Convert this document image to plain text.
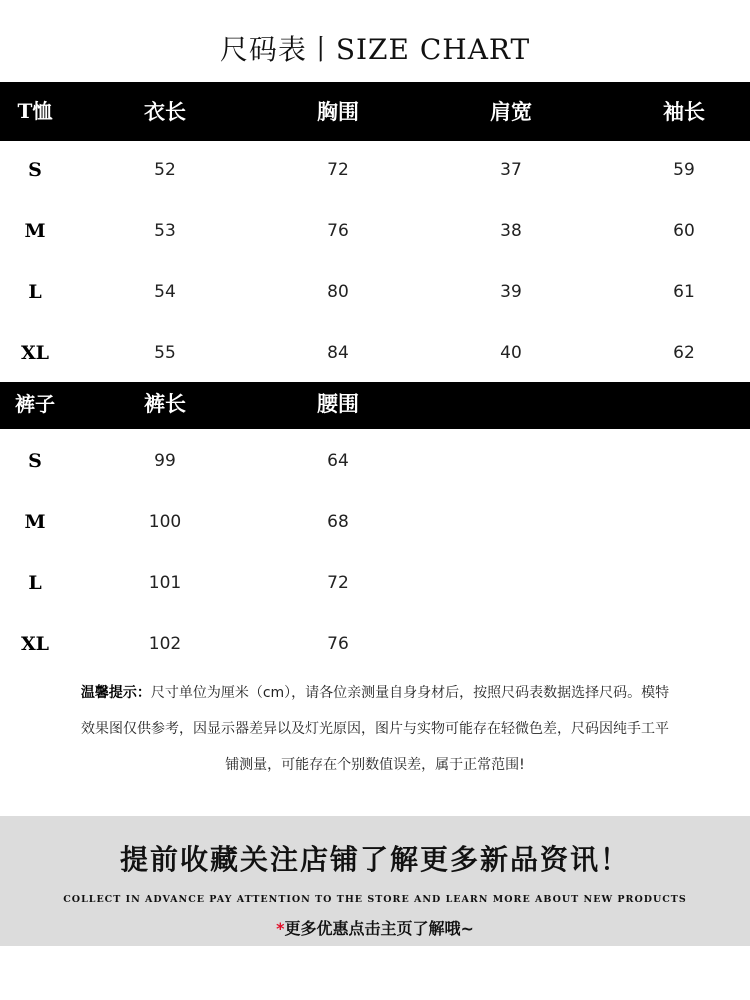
尺码表丨SIZE CHART
T恤	衣长	胸围	肩宽	袖长
S	52	72	37	59
M	53	76	38	60
L	54	80	39	61
XL	55	84	40	62
裤子	裤长	腰围
S	99	64
M	100	68
L	101	72
XL	102	76
温馨提示：尺寸单位为厘米（cm），请各位亲测量自身身材后，按照尺码表数据选择尺码。模特
效果图仅供参考，因显示器差异以及灯光原因，图片与实物可能存在轻微色差，尺码因纯手工平
铺测量，可能存在个别数值误差，属于正常范围!
提前收藏关注店铺了解更多新品资讯！
COLLECT IN ADVANCE PAY ATTENTION TO THE STORE AND LEARN MORE ABOUT NEW PRODUCTS
*更多优惠点击主页了解哦~
